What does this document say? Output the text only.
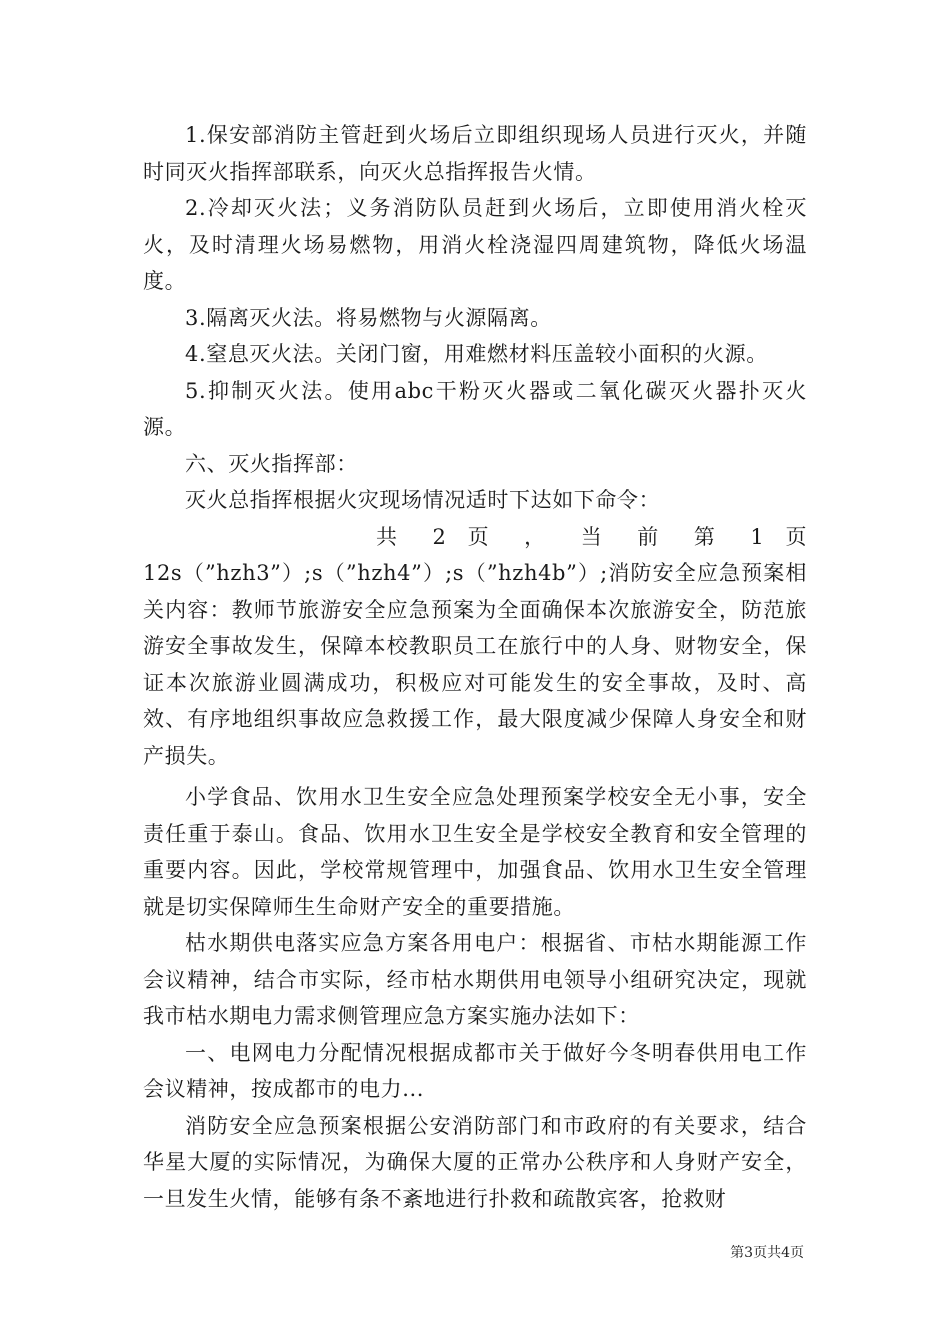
1.保安部消防主管赶到火场后立即组织现场人员进行灭火，并随时同灭火指挥部联系，向灭火总指挥报告火情。

2.冷却灭火法；义务消防队员赶到火场后，立即使用消火栓灭火，及时清理火场易燃物，用消火栓浇湿四周建筑物，降低火场温度。

3.隔离灭火法。将易燃物与火源隔离。

4.窒息灭火法。关闭门窗，用难燃材料压盖较小面积的火源。

5.抑制灭火法。使用abc干粉灭火器或二氧化碳灭火器扑灭火源。

六、灭火指挥部：

灭火总指挥根据火灾现场情况适时下达如下命令：

共 2 页 ， 当 前 第 1 页

12s（”hzh3”）;s（”hzh4”）;s（”hzh4b”）;消防安全应急预案相关内容：教师节旅游安全应急预案为全面确保本次旅游安全，防范旅游安全事故发生，保障本校教职员工在旅行中的人身、财物安全，保证本次旅游业圆满成功，积极应对可能发生的安全事故，及时、高效、有序地组织事故应急救援工作，最大限度减少保障人身安全和财产损失。

小学食品、饮用水卫生安全应急处理预案学校安全无小事，安全责任重于泰山。食品、饮用水卫生安全是学校安全教育和安全管理的重要内容。因此，学校常规管理中，加强食品、饮用水卫生安全管理就是切实保障师生生命财产安全的重要措施。

枯水期供电落实应急方案各用电户：根据省、市枯水期能源工作会议精神，结合市实际，经市枯水期供用电领导小组研究决定，现就我市枯水期电力需求侧管理应急方案实施办法如下：

一、电网电力分配情况根据成都市关于做好今冬明春供用电工作会议精神，按成都市的电力...

消防安全应急预案根据公安消防部门和市政府的有关要求，结合华星大厦的实际情况，为确保大厦的正常办公秩序和人身财产安全，一旦发生火情，能够有条不紊地进行扑救和疏散宾客，抢救财

第3页共4页
